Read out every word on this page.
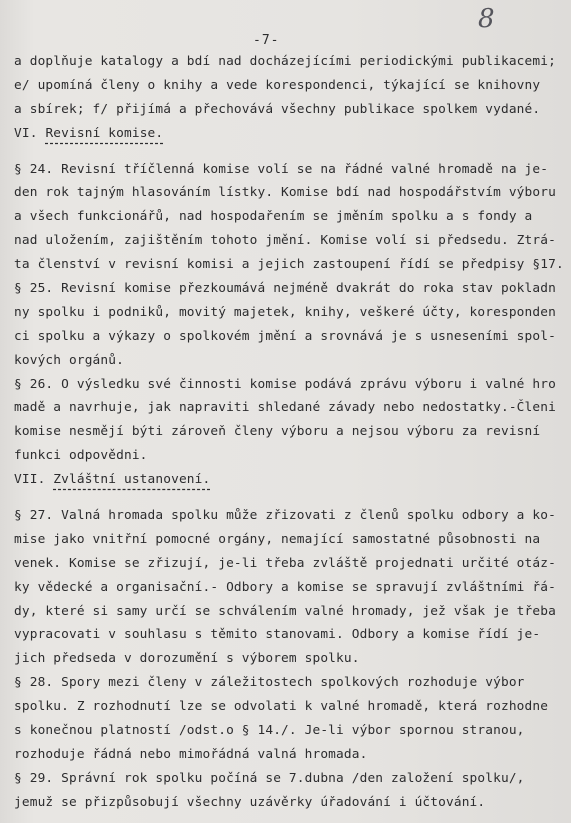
-7-
8
a doplňuje katalogy a bdí nad docházejícími periodickými publikacemi;
e/ upomíná členy o knihy a vede korespondenci, týkající se knihovny
a sbírek; f/ přijímá a přechovává všechny publikace spolkem vydané.
VI. Revisní komise.
§ 24. Revisní tříčlenná komise volí se na řádné valné hromadě na je-
den rok tajným hlasováním lístky. Komise bdí nad hospodářstvím výboru
a všech funkcionářů, nad hospodařením se jměním spolku a s fondy a
nad uložením, zajištěním tohoto jmění. Komise volí si předsedu. Ztrá-
ta členství v revisní komisi a jejich zastoupení řídí se předpisy §17.
§ 25. Revisní komise přezkoumává nejméně dvakrát do roka stav pokladn
ny spolku i podniků, movitý majetek, knihy, veškeré účty, koresponden
ci spolku a výkazy o spolkovém jmění a srovnává je s usneseními spol-
kových orgánů.
§ 26. O výsledku své činnosti komise podává zprávu výboru i valné hro
madě a navrhuje, jak napraviti shledané závady nebo nedostatky.-Členi
komise nesmějí býti zároveň členy výboru a nejsou výboru za revisní
funkci odpovědni.
VII. Zvláštní ustanovení.
§ 27. Valná hromada spolku může zřizovati z členů spolku odbory a ko-
mise jako vnitřní pomocné orgány, nemající samostatné působnosti na
venek. Komise se zřizují, je-li třeba zvláště projednati určité otáz-
ky vědecké a organisační.- Odbory a komise se spravují zvláštními řá-
dy, které si samy určí se schválením valné hromady, jež však je třeba
vypracovati v souhlasu s těmito stanovami. Odbory a komise řídí je-
jich předseda v dorozumění s výborem spolku.
§ 28. Spory mezi členy v záležitostech spolkových rozhoduje výbor
spolku. Z rozhodnutí lze se odvolati k valné hromadě, která rozhodne
s konečnou platností /odst.o § 14./. Je-li výbor spornou stranou,
rozhoduje řádná nebo mimořádná valná hromada.
§ 29. Správní rok spolku počíná se 7.dubna /den založení spolku/,
jemuž se přizpůsobují všechny uzávěrky úřadování i účtování.
